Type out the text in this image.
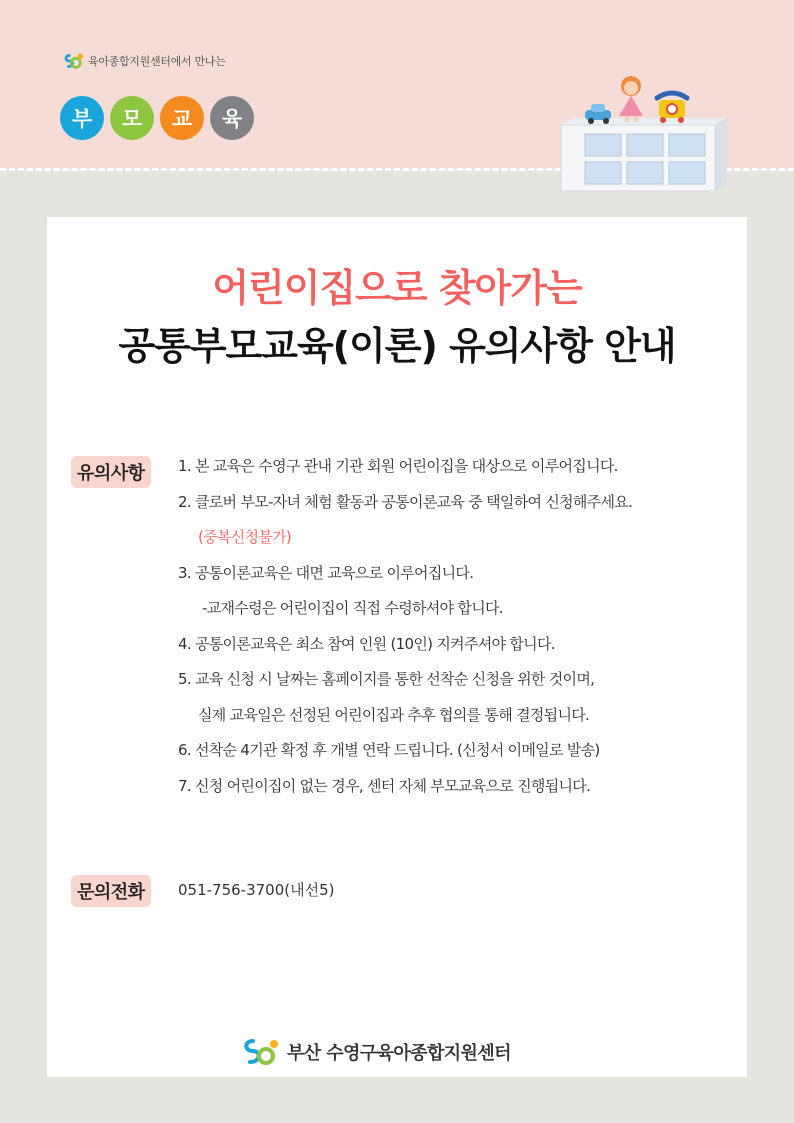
육아종합지원센터에서 만나는
부	모	교	육
어린이집으로 찾아가는
공통부모교육(이론) 유의사항 안내
유의사항	1. 본 교육은 수영구 관내 기관 회원 어린이집을 대상으로 이루어집니다.
2. 클로버 부모-자녀 체험 활동과 공통이론교육 중 택일하여 신청해주세요.
(중복신청불가)
3. 공통이론교육은 대면 교육으로 이루어집니다.
-교재수령은 어린이집이 직접 수령하셔야 합니다.
4. 공통이론교육은 최소 참여 인원 (10인) 지켜주셔야 합니다.
5. 교육 신청 시 날짜는 홈페이지를 통한 선착순 신청을 위한 것이며,
실제 교육일은 선정된 어린이집과 추후 협의를 통해 결정됩니다.
6. 선착순 4기관 확정 후 개별 연락 드립니다. (신청서 이메일로 발송)
7. 신청 어린이집이 없는 경우, 센터 자체 부모교육으로 진행됩니다.
문의전화	051-756-3700(내선5)
부산 수영구육아종합지원센터
